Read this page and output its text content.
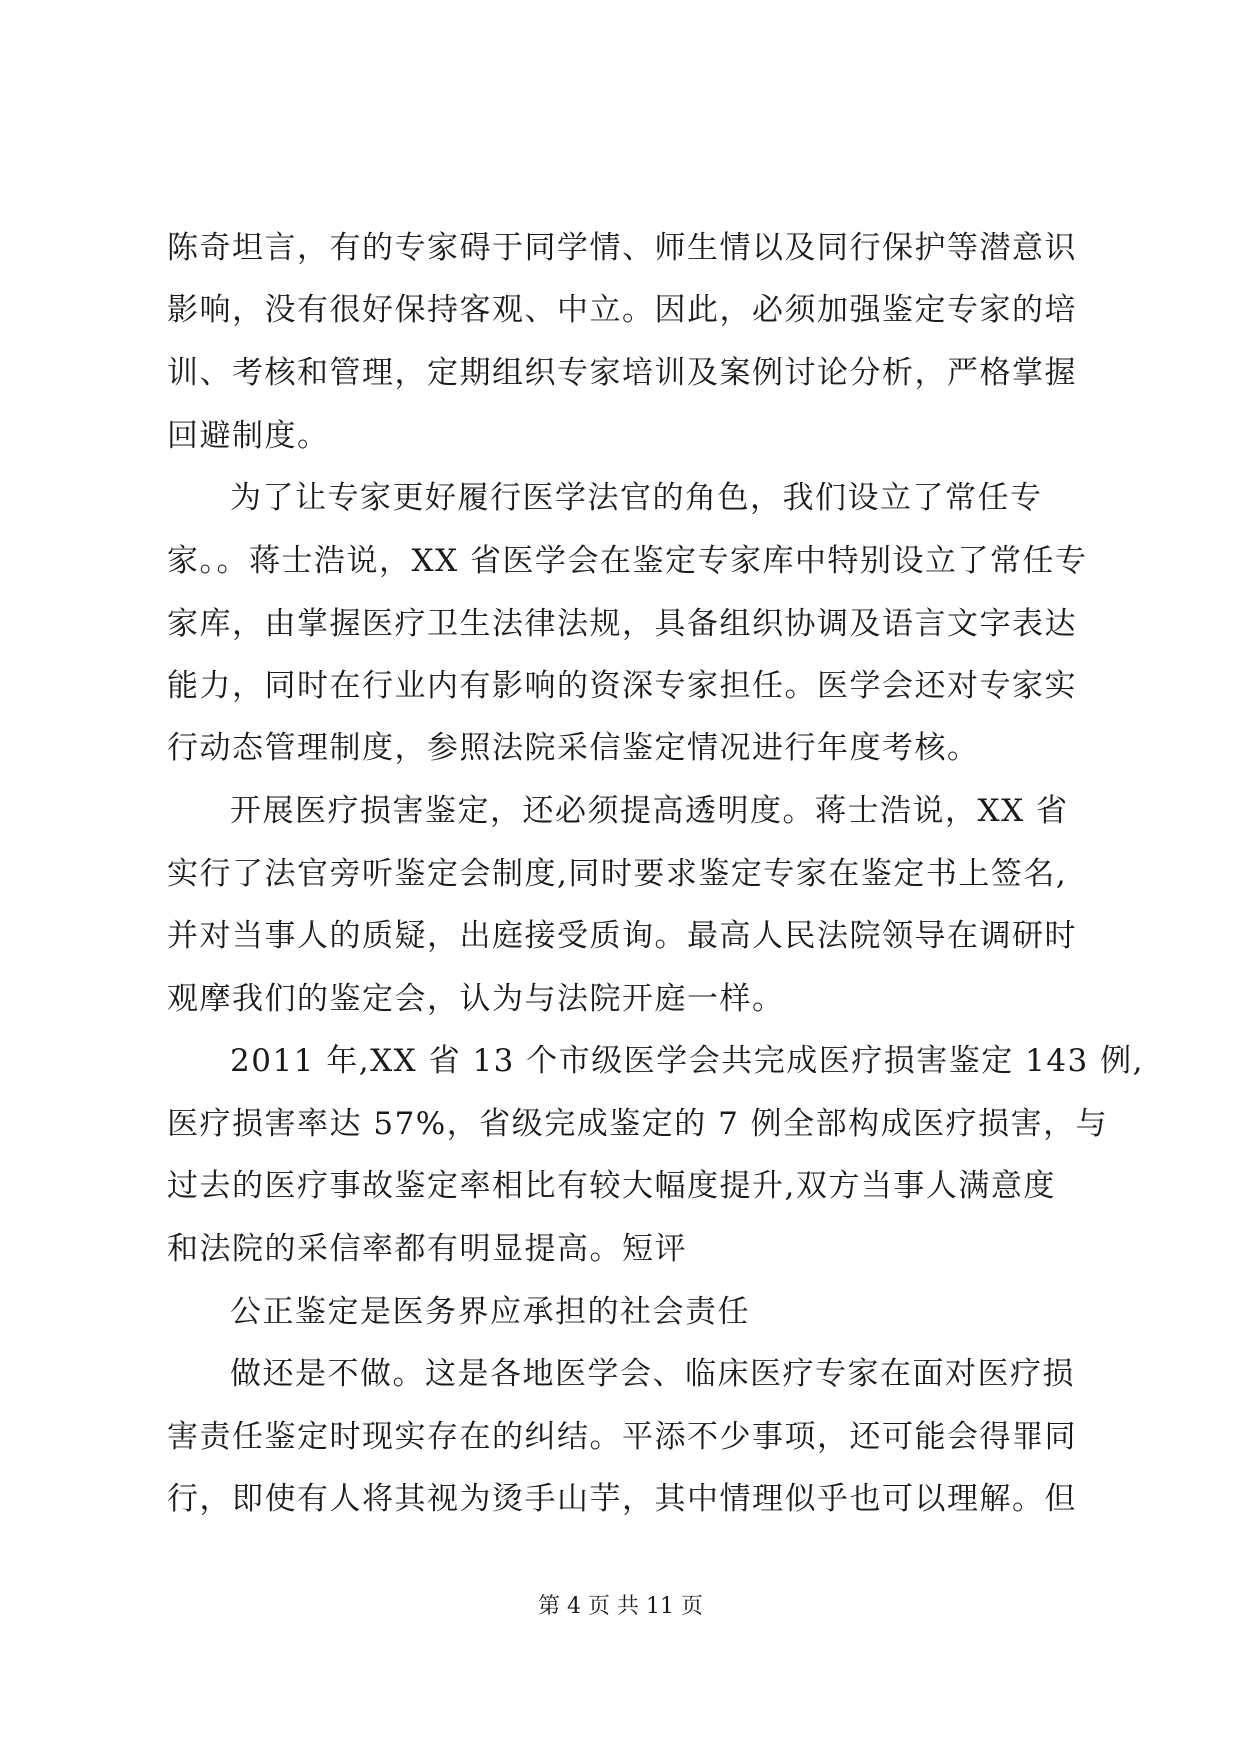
陈奇坦言，有的专家碍于同学情、师生情以及同行保护等潜意识
影响，没有很好保持客观、中立。因此，必须加强鉴定专家的培
训、考核和管理，定期组织专家培训及案例讨论分析，严格掌握
回避制度。
为了让专家更好履行医学法官的角色，我们设立了常任专
家。。蒋士浩说，XX 省医学会在鉴定专家库中特别设立了常任专
家库，由掌握医疗卫生法律法规，具备组织协调及语言文字表达
能力，同时在行业内有影响的资深专家担任。医学会还对专家实
行动态管理制度，参照法院采信鉴定情况进行年度考核。
开展医疗损害鉴定，还必须提高透明度。蒋士浩说，XX 省
实行了法官旁听鉴定会制度,同时要求鉴定专家在鉴定书上签名,
并对当事人的质疑，出庭接受质询。最高人民法院领导在调研时
观摩我们的鉴定会，认为与法院开庭一样。
2011 年,XX 省 13 个市级医学会共完成医疗损害鉴定 143 例,
医疗损害率达 57%，省级完成鉴定的 7 例全部构成医疗损害，与
过去的医疗事故鉴定率相比有较大幅度提升,双方当事人满意度
和法院的采信率都有明显提高。短评
公正鉴定是医务界应承担的社会责任
做还是不做。这是各地医学会、临床医疗专家在面对医疗损
害责任鉴定时现实存在的纠结。平添不少事项，还可能会得罪同
行，即使有人将其视为烫手山芋，其中情理似乎也可以理解。但
第 4 页 共 11 页
